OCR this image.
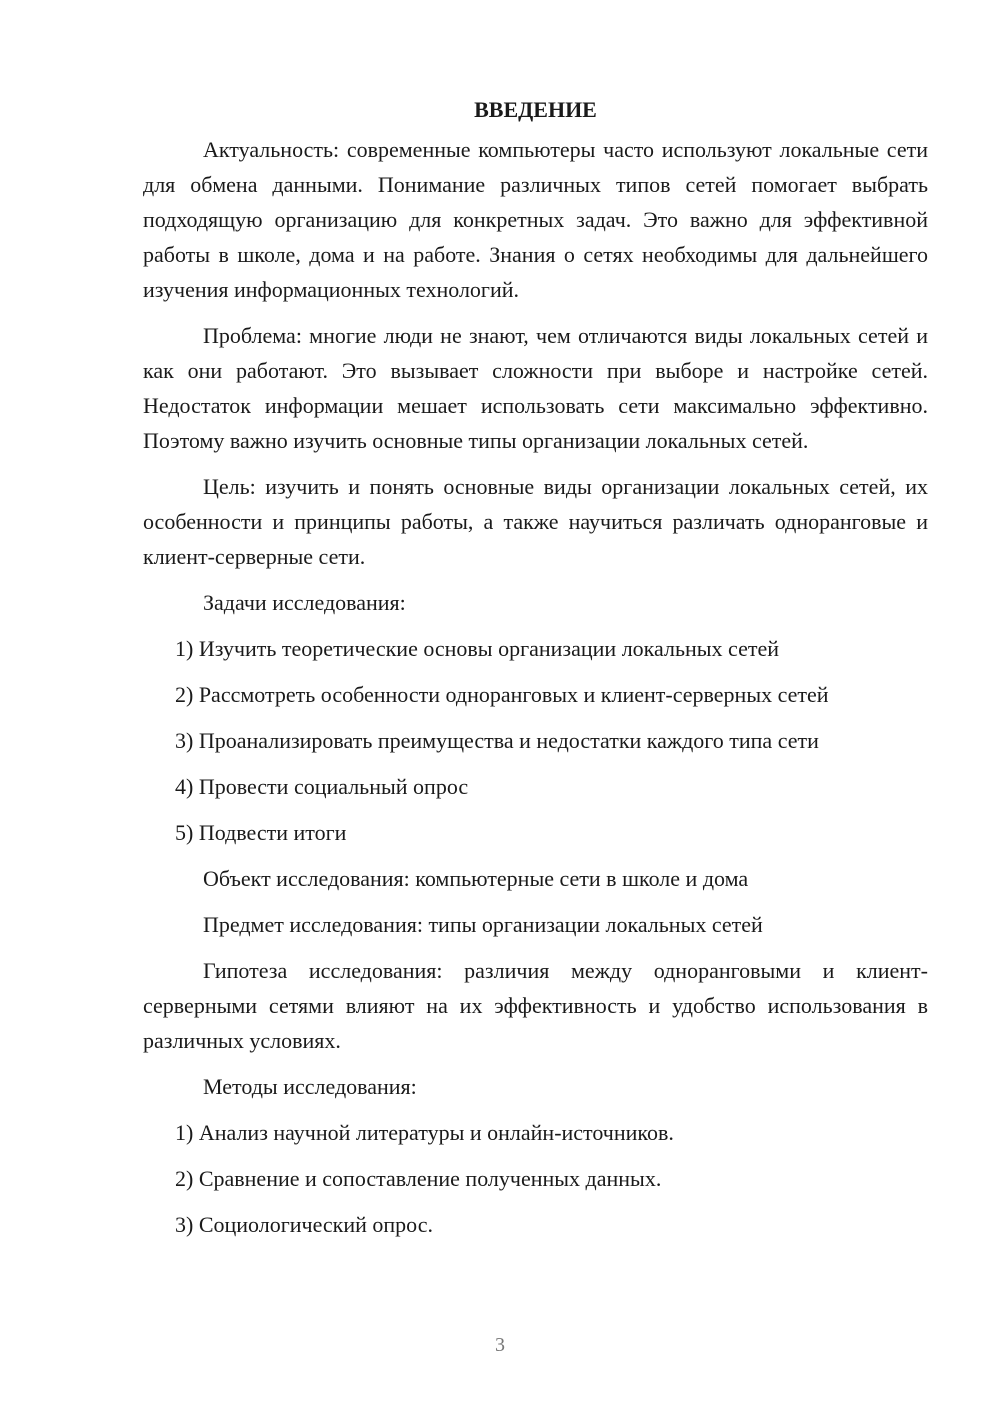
ВВЕДЕНИЕ
Актуальность: современные компьютеры часто используют локальные сети для обмена данными. Понимание различных типов сетей помогает выбрать подходящую организацию для конкретных задач. Это важно для эффективной работы в школе, дома и на работе. Знания о сетях необходимы для дальнейшего изучения информационных технологий.
Проблема: многие люди не знают, чем отличаются виды локальных сетей и как они работают. Это вызывает сложности при выборе и настройке сетей. Недостаток информации мешает использовать сети максимально эффективно. Поэтому важно изучить основные типы организации локальных сетей.
Цель: изучить и понять основные виды организации локальных сетей, их особенности и принципы работы, а также научиться различать одноранговые и клиент-серверные сети.
Задачи исследования:
1) Изучить теоретические основы организации локальных сетей
2) Рассмотреть особенности одноранговых и клиент-серверных сетей
3) Проанализировать преимущества и недостатки каждого типа сети
4) Провести социальный опрос
5) Подвести итоги
Объект исследования: компьютерные сети в школе и дома
Предмет исследования: типы организации локальных сетей
Гипотеза исследования: различия между одноранговыми и клиент-серверными сетями влияют на их эффективность и удобство использования в различных условиях.
Методы исследования:
1) Анализ научной литературы и онлайн-источников.
2) Сравнение и сопоставление полученных данных.
3) Социологический опрос.
3
